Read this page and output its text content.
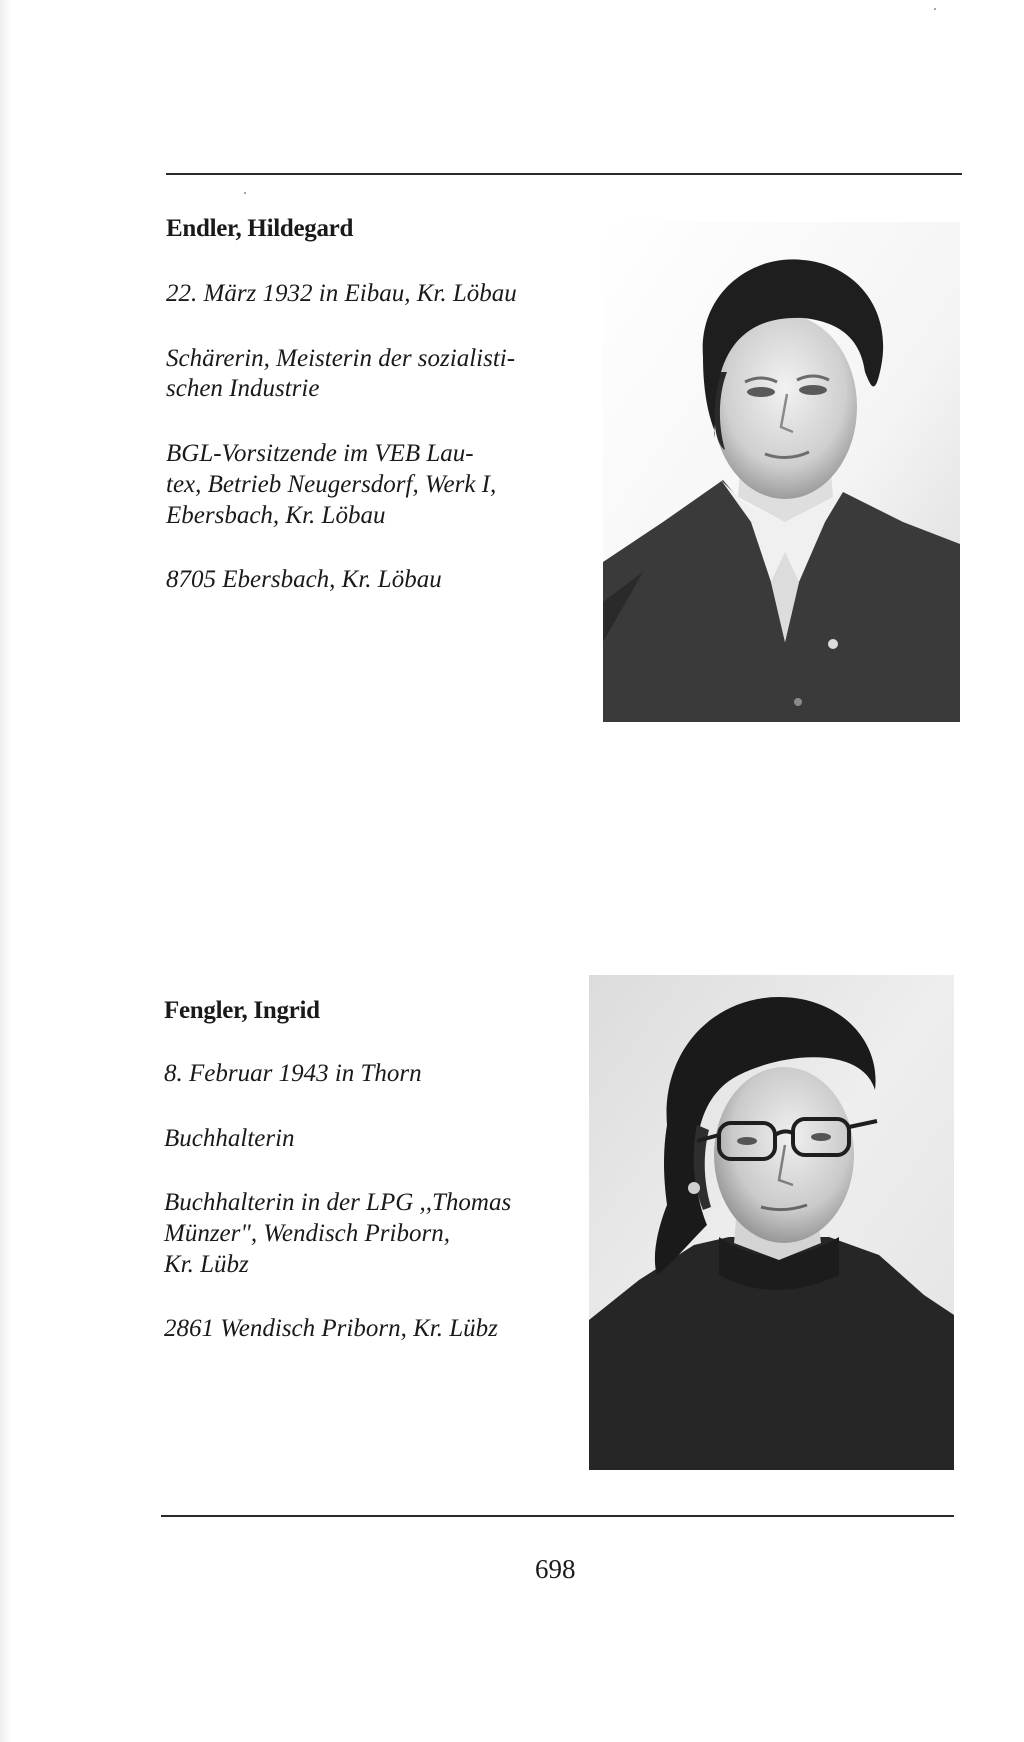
Endler, Hildegard
22. März 1932 in Eibau, Kr. Löbau
Schärerin, Meisterin der sozialisti-
schen Industrie
BGL-Vorsitzende im VEB Lau-
tex, Betrieb Neugersdorf, Werk I,
Ebersbach, Kr. Löbau
8705 Ebersbach, Kr. Löbau
Fengler, Ingrid
8. Februar 1943 in Thorn
Buchhalterin
Buchhalterin in der LPG ,,Thomas
Münzer", Wendisch Priborn,
Kr. Lübz
2861 Wendisch Priborn, Kr. Lübz
698
